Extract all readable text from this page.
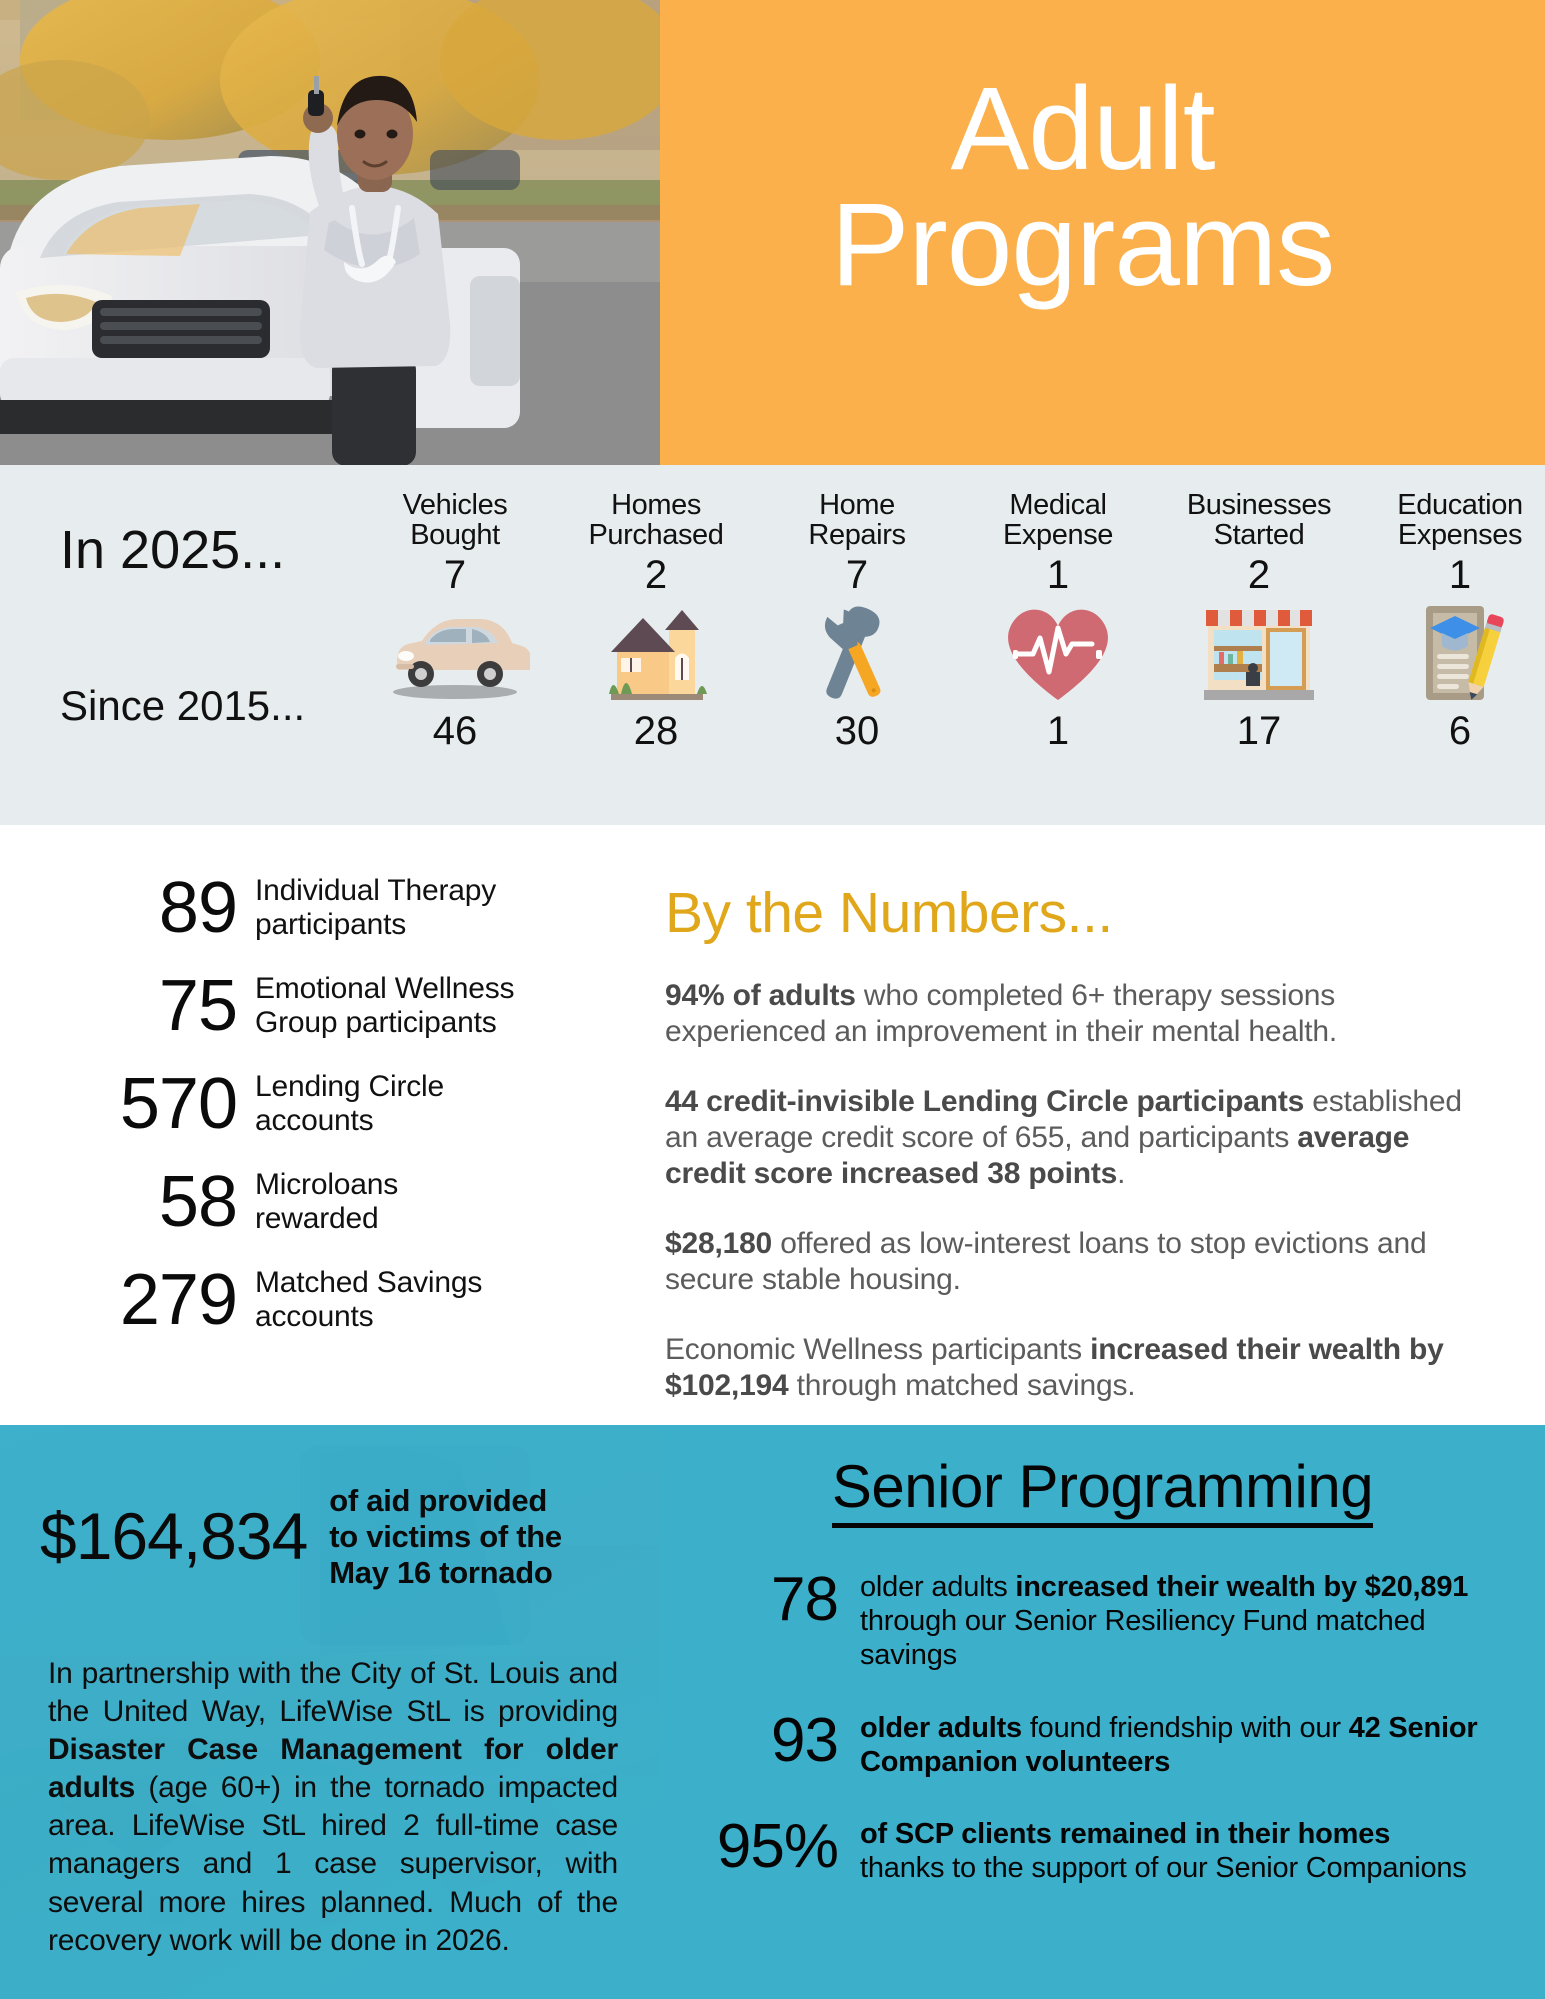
Adult
Programs
In 2025...
Since 2015...
Vehicles
Bought
7
46
Homes
Purchased
2
28
Home
Repairs
7
30
Medical
Expense
1
1
Businesses
Started
2
17
Education
Expenses
1
6
89 Individual Therapy
participants
75 Emotional Wellness
Group participants
570 Lending Circle
accounts
58 Microloans
rewarded
279 Matched Savings
accounts
By the Numbers...
94% of adults who completed 6+ therapy sessions experienced an improvement in their mental health.
44 credit-invisible Lending Circle participants established an average credit score of 655, and participants average credit score increased 38 points.
$28,180 offered as low-interest loans to stop evictions and secure stable housing.
Economic Wellness participants increased their wealth by $102,194 through matched savings.
$164,834 of aid provided
to victims of the
May 16 tornado
In partnership with the City of St. Louis and the United Way, LifeWise StL is providing Disaster Case Management for older adults (age 60+) in the tornado impacted area. LifeWise StL hired 2 full-time case managers and 1 case supervisor, with several more hires planned. Much of the recovery work will be done in 2026.
Senior Programming
78 older adults increased their wealth by $20,891 through our Senior Resiliency Fund matched savings
93 older adults found friendship with our 42 Senior Companion volunteers
95% of SCP clients remained in their homes thanks to the support of our Senior Companions
